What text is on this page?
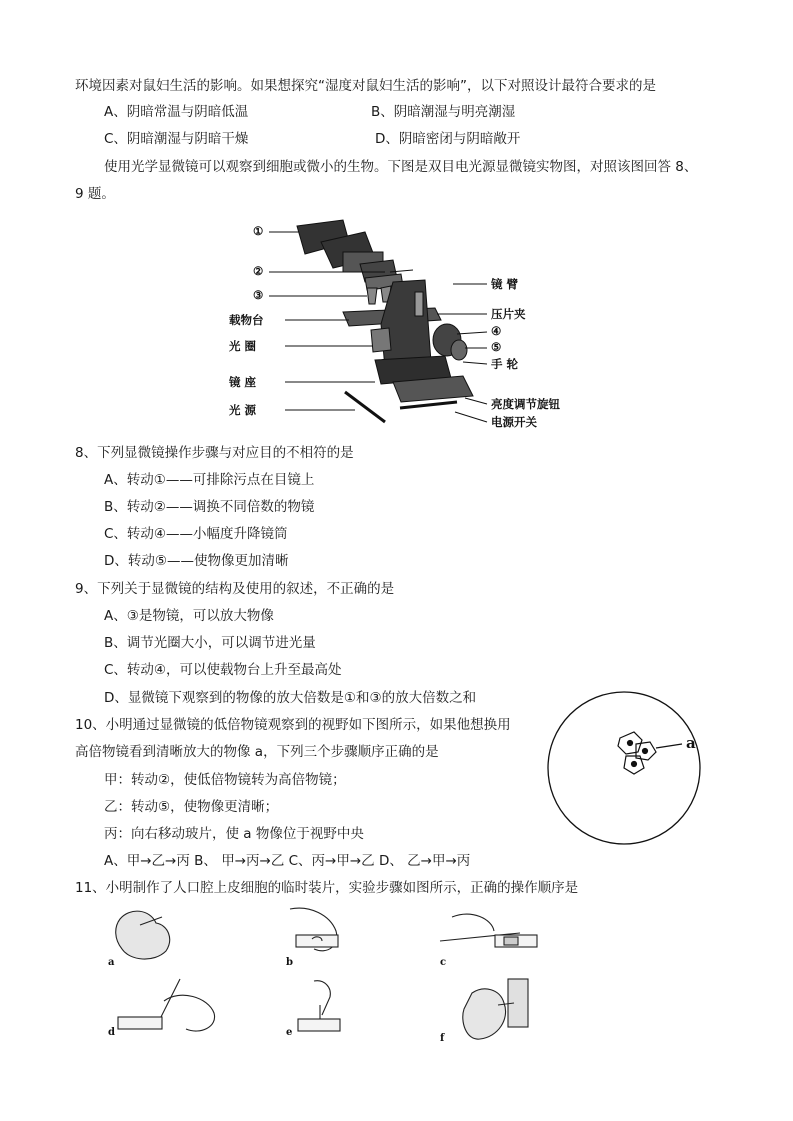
环境因素对鼠妇生活的影响。如果想探究“湿度对鼠妇生活的影响”，以下对照设计最符合要求的是
A、阴暗常温与阴暗低温	B、阴暗潮湿与明亮潮湿
C、阴暗潮湿与阴暗干燥	D、阴暗密闭与阴暗敞开
使用光学显微镜可以观察到细胞或微小的生物。下图是双目电光源显微镜实物图，对照该图回答 8、
9 题。
①
②
③
载物台
光 圈
镜 座
光 源
镜 臂
压片夹
④
⑤
手 轮
亮度调节旋钮
电源开关
8、下列显微镜操作步骤与对应目的不相符的是
A、转动①——可排除污点在目镜上
B、转动②——调换不同倍数的物镜
C、转动④——小幅度升降镜筒
D、转动⑤——使物像更加清晰
9、下列关于显微镜的结构及使用的叙述，不正确的是
A、③是物镜，可以放大物像
B、调节光圈大小，可以调节进光量
C、转动④，可以使载物台上升至最高处
D、显微镜下观察到的物像的放大倍数是①和③的放大倍数之和
10、小明通过显微镜的低倍物镜观察到的视野如下图所示，如果他想换用
高倍物镜看到清晰放大的物像 a，下列三个步骤顺序正确的是
甲：转动②，使低倍物镜转为高倍物镜；
乙：转动⑤，使物像更清晰；
丙：向右移动玻片，使 a 物像位于视野中央
A、甲→乙→丙 B、 甲→丙→乙 C、丙→甲→乙 D、 乙→甲→丙
a
11、小明制作了人口腔上皮细胞的临时装片，实验步骤如图所示，正确的操作顺序是
a	b	c
d	e
f
